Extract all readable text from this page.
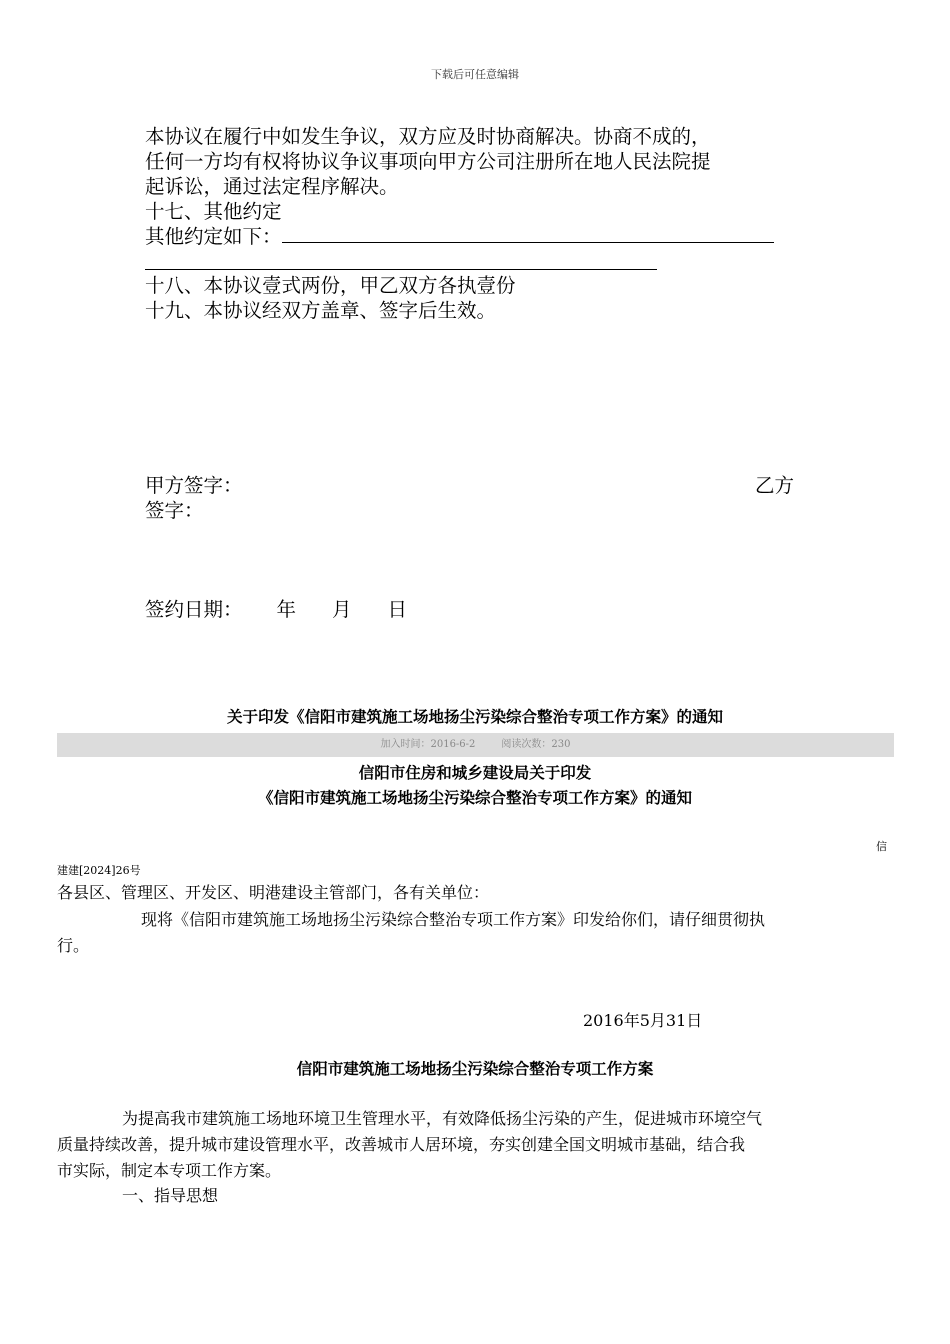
下载后可任意编辑
本协议在履行中如发生争议，双方应及时协商解决。协商不成的，
任何一方均有权将协议争议事项向甲方公司注册所在地人民法院提
起诉讼，通过法定程序解决。
十七、其他约定
其他约定如下：
十八、本协议壹式两份，甲乙双方各执壹份
十九、本协议经双方盖章、签字后生效。
甲方签字：	乙方
签字：
签约日期： 年 月 日
关于印发《信阳市建筑施工场地扬尘污染综合整治专项工作方案》的通知
加入时间：2016-6-2	阅读次数：230
信阳市住房和城乡建设局关于印发
《信阳市建筑施工场地扬尘污染综合整治专项工作方案》的通知
信
建建[2024]26号
各县区、管理区、开发区、明港建设主管部门，各有关单位：
现将《信阳市建筑施工场地扬尘污染综合整治专项工作方案》印发给你们，请仔细贯彻执
行。
2016年5月31日
信阳市建筑施工场地扬尘污染综合整治专项工作方案
为提高我市建筑施工场地环境卫生管理水平，有效降低扬尘污染的产生，促进城市环境空气
质量持续改善，提升城市建设管理水平，改善城市人居环境，夯实创建全国文明城市基础，结合我
市实际，制定本专项工作方案。
一、指导思想
